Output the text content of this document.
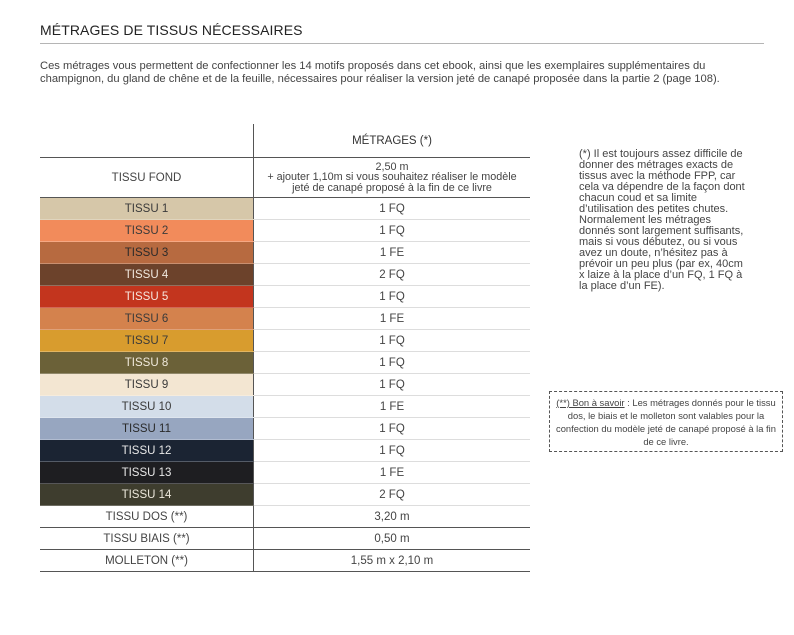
MÉTRAGES DE TISSUS NÉCESSAIRES
Ces métrages vous permettent de confectionner les 14 motifs proposés dans cet ebook, ainsi que les exemplaires supplémentaires du champignon, du gland de chêne et de la feuille, nécessaires pour réaliser la version jeté de canapé proposée dans la partie 2 (page 108).
	MÉTRAGES (*)
TISSU FOND	2,50 m
+ ajouter 1,10m si vous souhaitez réaliser le modèle
jeté de canapé proposé à la fin de ce livre

TISSU 1	1 FQ
TISSU 2	1 FQ
TISSU 3	1 FE
TISSU 4	2 FQ
TISSU 5	1 FQ
TISSU 6	1 FE
TISSU 7	1 FQ
TISSU 8	1 FQ
TISSU 9	1 FQ
TISSU 10	1 FE
TISSU 11	1 FQ
TISSU 12	1 FQ
TISSU 13	1 FE
TISSU 14	2 FQ
TISSU DOS (**)	3,20 m
TISSU BIAIS (**)	0,50 m
MOLLETON (**)	1,55 m x 2,10 m
(*) Il est toujours assez difficile de donner des métrages exacts de tissus avec la méthode FPP, car cela va dépendre de la façon dont chacun coud et sa limite d’utilisation des petites chutes. Normalement les métrages donnés sont largement suffisants, mais si vous débutez, ou si vous avez un doute, n’hésitez pas à prévoir un peu plus (par ex, 40cm x laize à la place d’un FQ, 1 FQ à la place d’un FE).
(**) Bon à savoir : Les métrages donnés pour le tissu dos, le biais et le molleton sont valables pour la confection du modèle jeté de canapé proposé à la fin de ce livre.
